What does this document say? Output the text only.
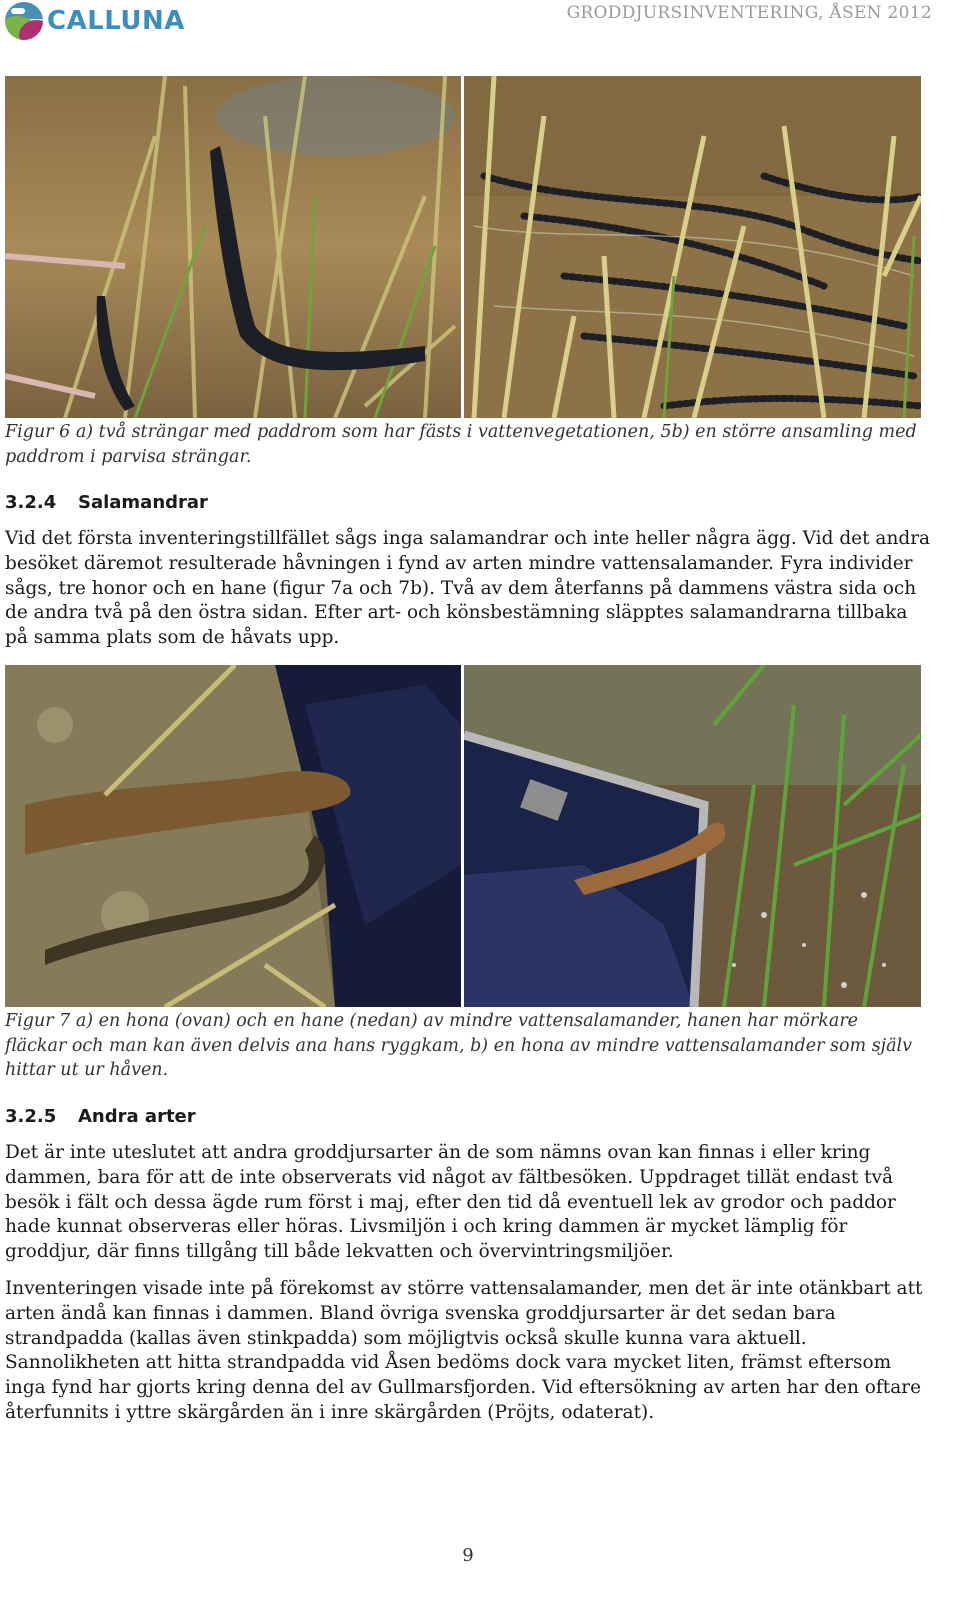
CALLUNA	GRODDJURSINVENTERING, ÅSEN 2012
Figur 6 a) två strängar med paddrom som har fästs i vattenvegetationen, 5b) en större ansamling med paddrom i parvisa strängar.
3.2.4 Salamandrar
Vid det första inventeringstillfället sågs inga salamandrar och inte heller några ägg. Vid det andra besöket däremot resulterade håvningen i fynd av arten mindre vattensalamander. Fyra individer sågs, tre honor och en hane (figur 7a och 7b). Två av dem återfanns på dammens västra sida och de andra två på den östra sidan. Efter art- och könsbestämning släpptes salamandrarna tillbaka på samma plats som de håvats upp.
Figur 7 a) en hona (ovan) och en hane (nedan) av mindre vattensalamander, hanen har mörkare fläckar och man kan även delvis ana hans ryggkam, b) en hona av mindre vattensalamander som själv hittar ut ur håven.
3.2.5 Andra arter
Det är inte uteslutet att andra groddjursarter än de som nämns ovan kan finnas i eller kring dammen, bara för att de inte observerats vid något av fältbesöken. Uppdraget tillät endast två besök i fält och dessa ägde rum först i maj, efter den tid då eventuell lek av grodor och paddor hade kunnat observeras eller höras. Livsmiljön i och kring dammen är mycket lämplig för groddjur, där finns tillgång till både lekvatten och övervintringsmiljöer.
Inventeringen visade inte på förekomst av större vattensalamander, men det är inte otänkbart att arten ändå kan finnas i dammen. Bland övriga svenska groddjursarter är det sedan bara strandpadda (kallas även stinkpadda) som möjligtvis också skulle kunna vara aktuell. Sannolikheten att hitta strandpadda vid Åsen bedöms dock vara mycket liten, främst eftersom inga fynd har gjorts kring denna del av Gullmarsfjorden. Vid eftersökning av arten har den oftare återfunnits i yttre skärgården än i inre skärgården (Pröjts, odaterat).
9
